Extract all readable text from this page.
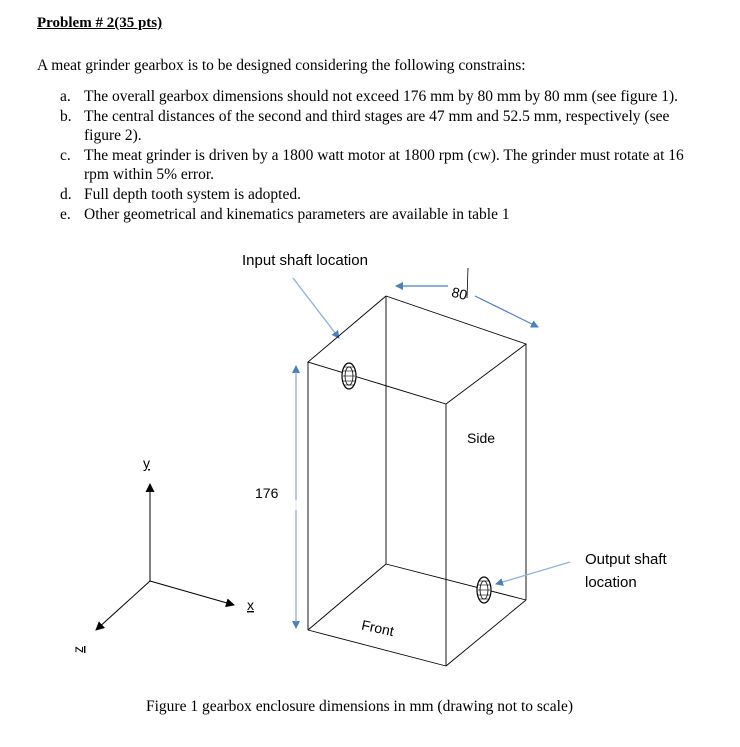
Problem # 2(35 pts)
A meat grinder gearbox is to be designed considering the following constrains:
a. The overall gearbox dimensions should not exceed 176 mm by 80 mm by 80 mm (see figure 1).
b. The central distances of the second and third stages are 47 mm and 52.5 mm, respectively (see figure 2).
c. The meat grinder is driven by a 1800 watt motor at 1800 rpm (cw). The grinder must rotate at 16 rpm within 5% error.
d. Full depth tooth system is adopted.
e. Other geometrical and kinematics parameters are available in table 1
Input shaft location
Output shaft
location
80
176
Side
Front
y
x
z
Figure 1 gearbox enclosure dimensions in mm (drawing not to scale)
